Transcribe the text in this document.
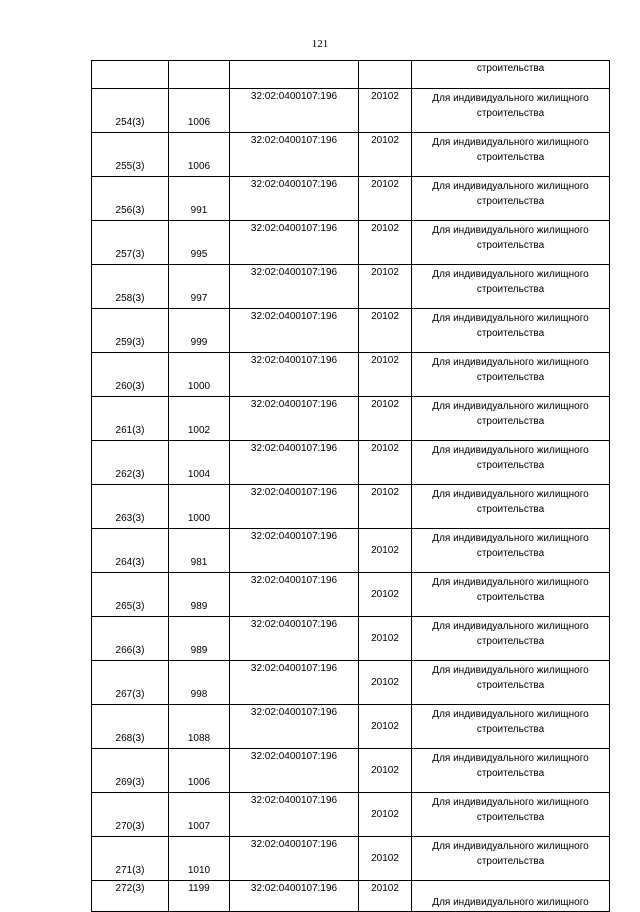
121
				строительства
254(3)	1006	32:02:0400107:196	20102	Для индивидуального жилищного
строительства

255(3)	1006	32:02:0400107:196	20102	Для индивидуального жилищного
строительства

256(3)	991	32:02:0400107:196	20102	Для индивидуального жилищного
строительства

257(3)	995	32:02:0400107:196	20102	Для индивидуального жилищного
строительства

258(3)	997	32:02:0400107:196	20102	Для индивидуального жилищного
строительства

259(3)	999	32:02:0400107:196	20102	Для индивидуального жилищного
строительства

260(3)	1000	32:02:0400107:196	20102	Для индивидуального жилищного
строительства

261(3)	1002	32:02:0400107:196	20102	Для индивидуального жилищного
строительства

262(3)	1004	32:02:0400107:196	20102	Для индивидуального жилищного
строительства

263(3)	1000	32:02:0400107:196	20102	Для индивидуального жилищного
строительства

264(3)	981	32:02:0400107:196	20102	Для индивидуального жилищного
строительства

265(3)	989	32:02:0400107:196	20102	Для индивидуального жилищного
строительства

266(3)	989	32:02:0400107:196	20102	Для индивидуального жилищного
строительства

267(3)	998	32:02:0400107:196	20102	Для индивидуального жилищного
строительства

268(3)	1088	32:02:0400107:196	20102	Для индивидуального жилищного
строительства

269(3)	1006	32:02:0400107:196	20102	Для индивидуального жилищного
строительства

270(3)	1007	32:02:0400107:196	20102	Для индивидуального жилищного
строительства

271(3)	1010	32:02:0400107:196	20102	Для индивидуального жилищного
строительства

272(3)	1199	32:02:0400107:196	20102	Для индивидуального жилищного
